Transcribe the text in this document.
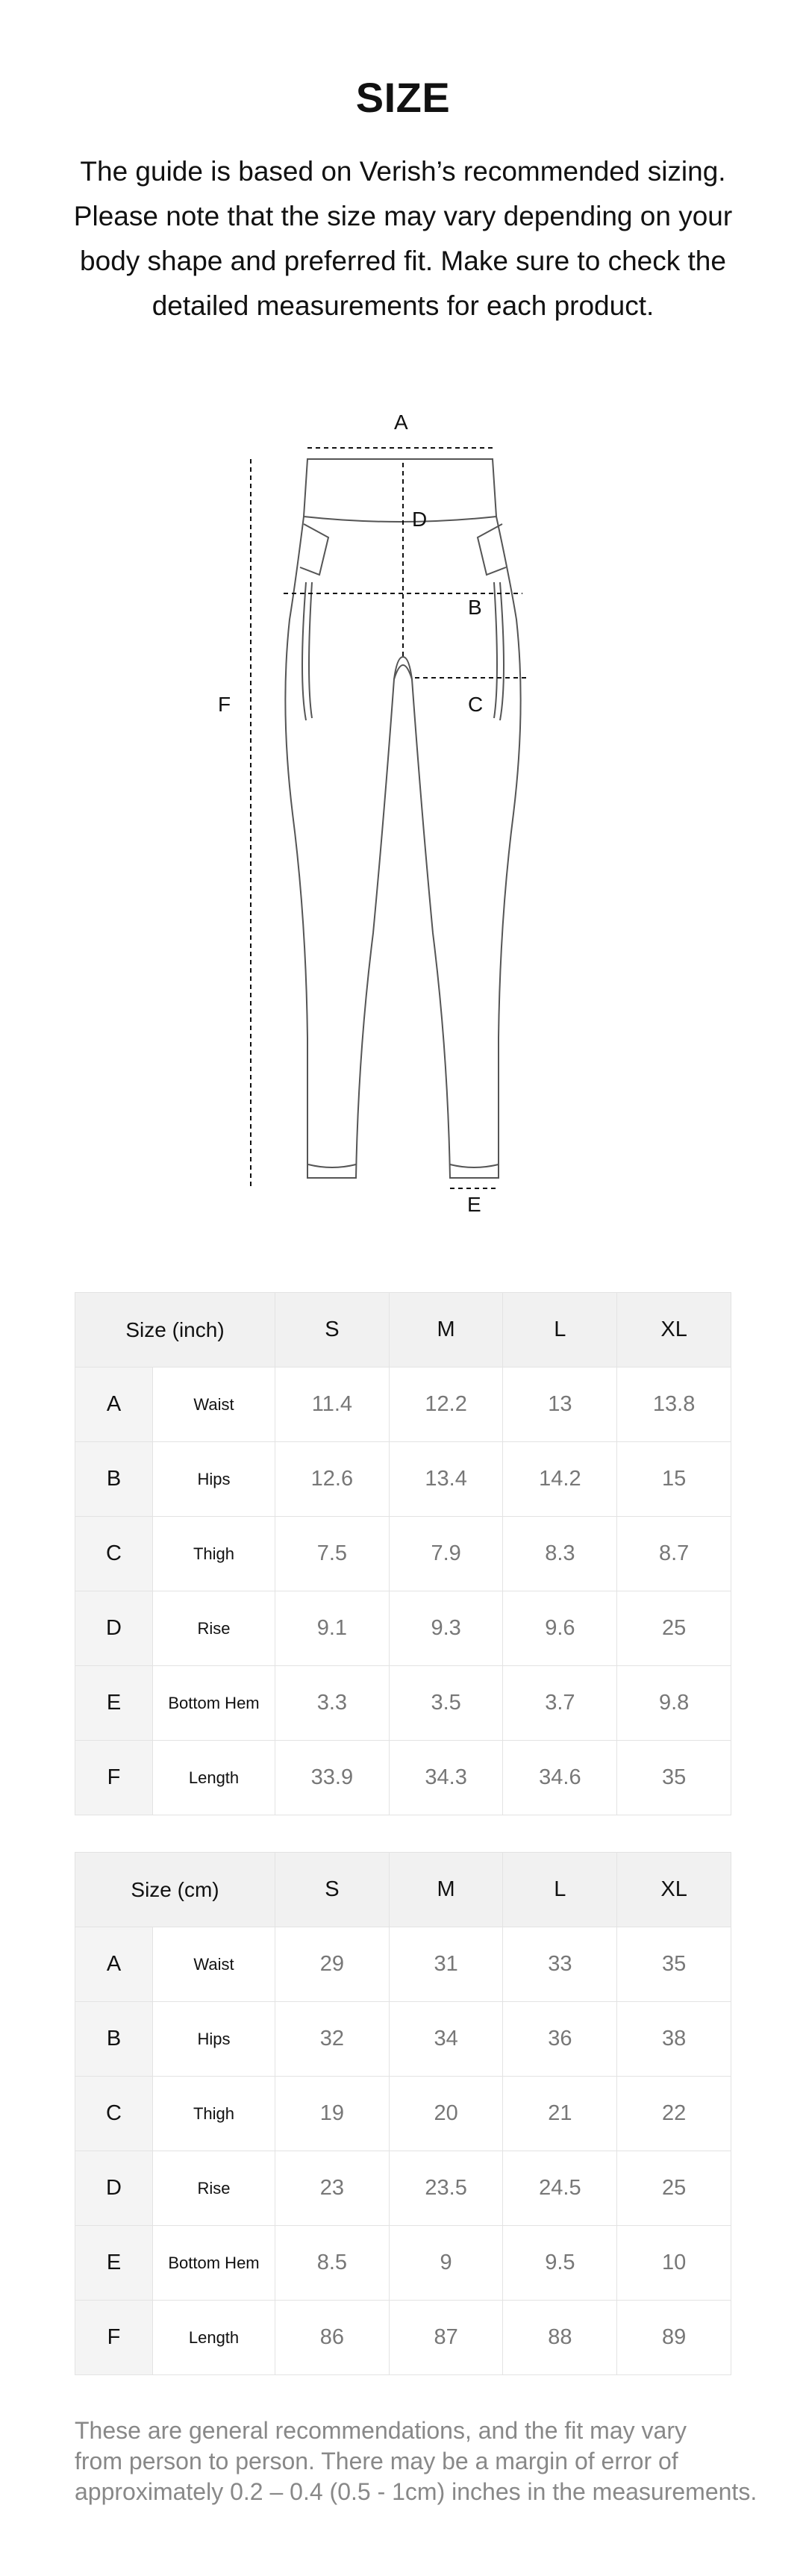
SIZE
The guide is based on Verish’s recommended sizing.
Please note that the size may vary depending on your
body shape and preferred fit. Make sure to check the
detailed measurements for each product.
A
D
B
C
F
E
Size (inch)		S	M	L	XL
A	Waist	11.4	12.2	13	13.8
B	Hips	12.6	13.4	14.2	15
C	Thigh	7.5	7.9	8.3	8.7
D	Rise	9.1	9.3	9.6	25
E	Bottom Hem	3.3	3.5	3.7	9.8
F	Length	33.9	34.3	34.6	35
Size (cm)		S	M	L	XL
A	Waist	29	31	33	35
B	Hips	32	34	36	38
C	Thigh	19	20	21	22
D	Rise	23	23.5	24.5	25
E	Bottom Hem	8.5	9	9.5	10
F	Length	86	87	88	89
These are general recommendations, and the fit may vary
from person to person. There may be a margin of error of
approximately 0.2 – 0.4 (0.5 - 1cm) inches in the measurements.
